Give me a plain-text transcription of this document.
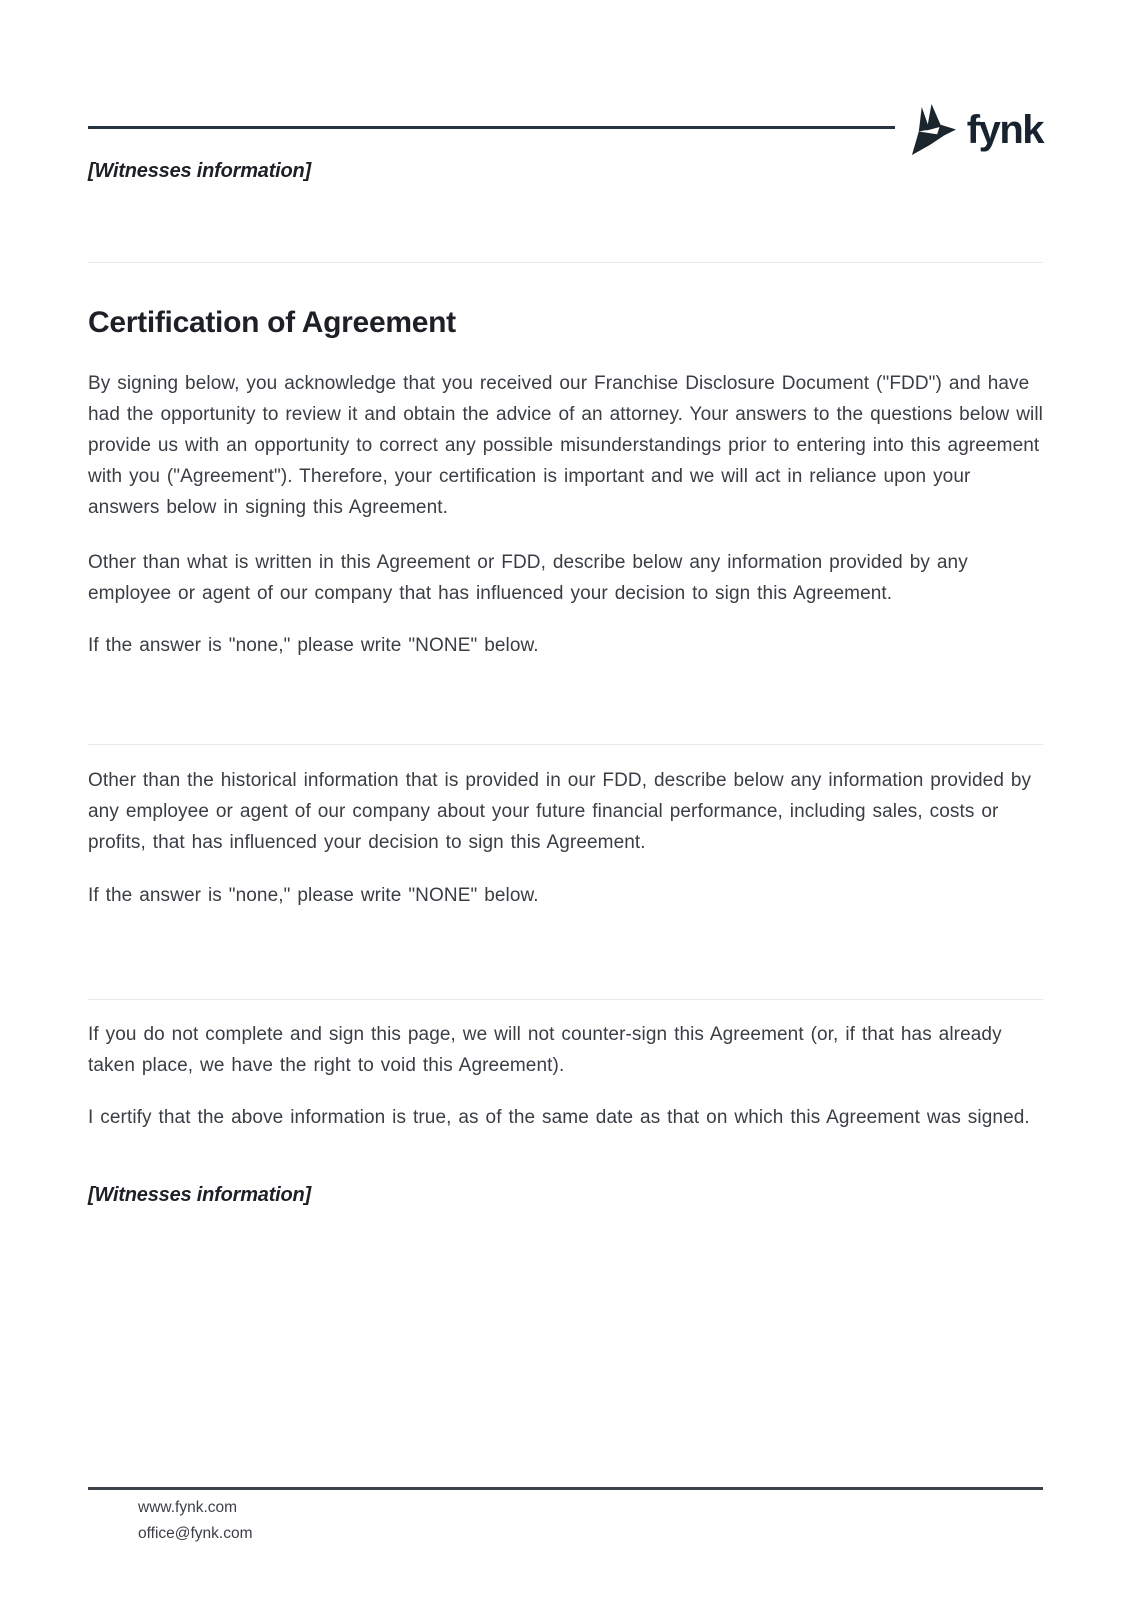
fynk

[Witnesses information]

Certification of Agreement

By signing below, you acknowledge that you received our Franchise Disclosure Document ("FDD") and have had the opportunity to review it and obtain the advice of an attorney. Your answers to the questions below will provide us with an opportunity to correct any possible misunderstandings prior to entering into this agreement with you ("Agreement"). Therefore, your certification is important and we will act in reliance upon your answers below in signing this Agreement.

Other than what is written in this Agreement or FDD, describe below any information provided by any employee or agent of our company that has influenced your decision to sign this Agreement.

If the answer is "none," please write "NONE" below.

Other than the historical information that is provided in our FDD, describe below any information provided by any employee or agent of our company about your future financial performance, including sales, costs or profits, that has influenced your decision to sign this Agreement.

If the answer is "none," please write "NONE" below.

If you do not complete and sign this page, we will not counter-sign this Agreement (or, if that has already taken place, we have the right to void this Agreement).

I certify that the above information is true, as of the same date as that on which this Agreement was signed.

[Witnesses information]

www.fynk.com
office@fynk.com
